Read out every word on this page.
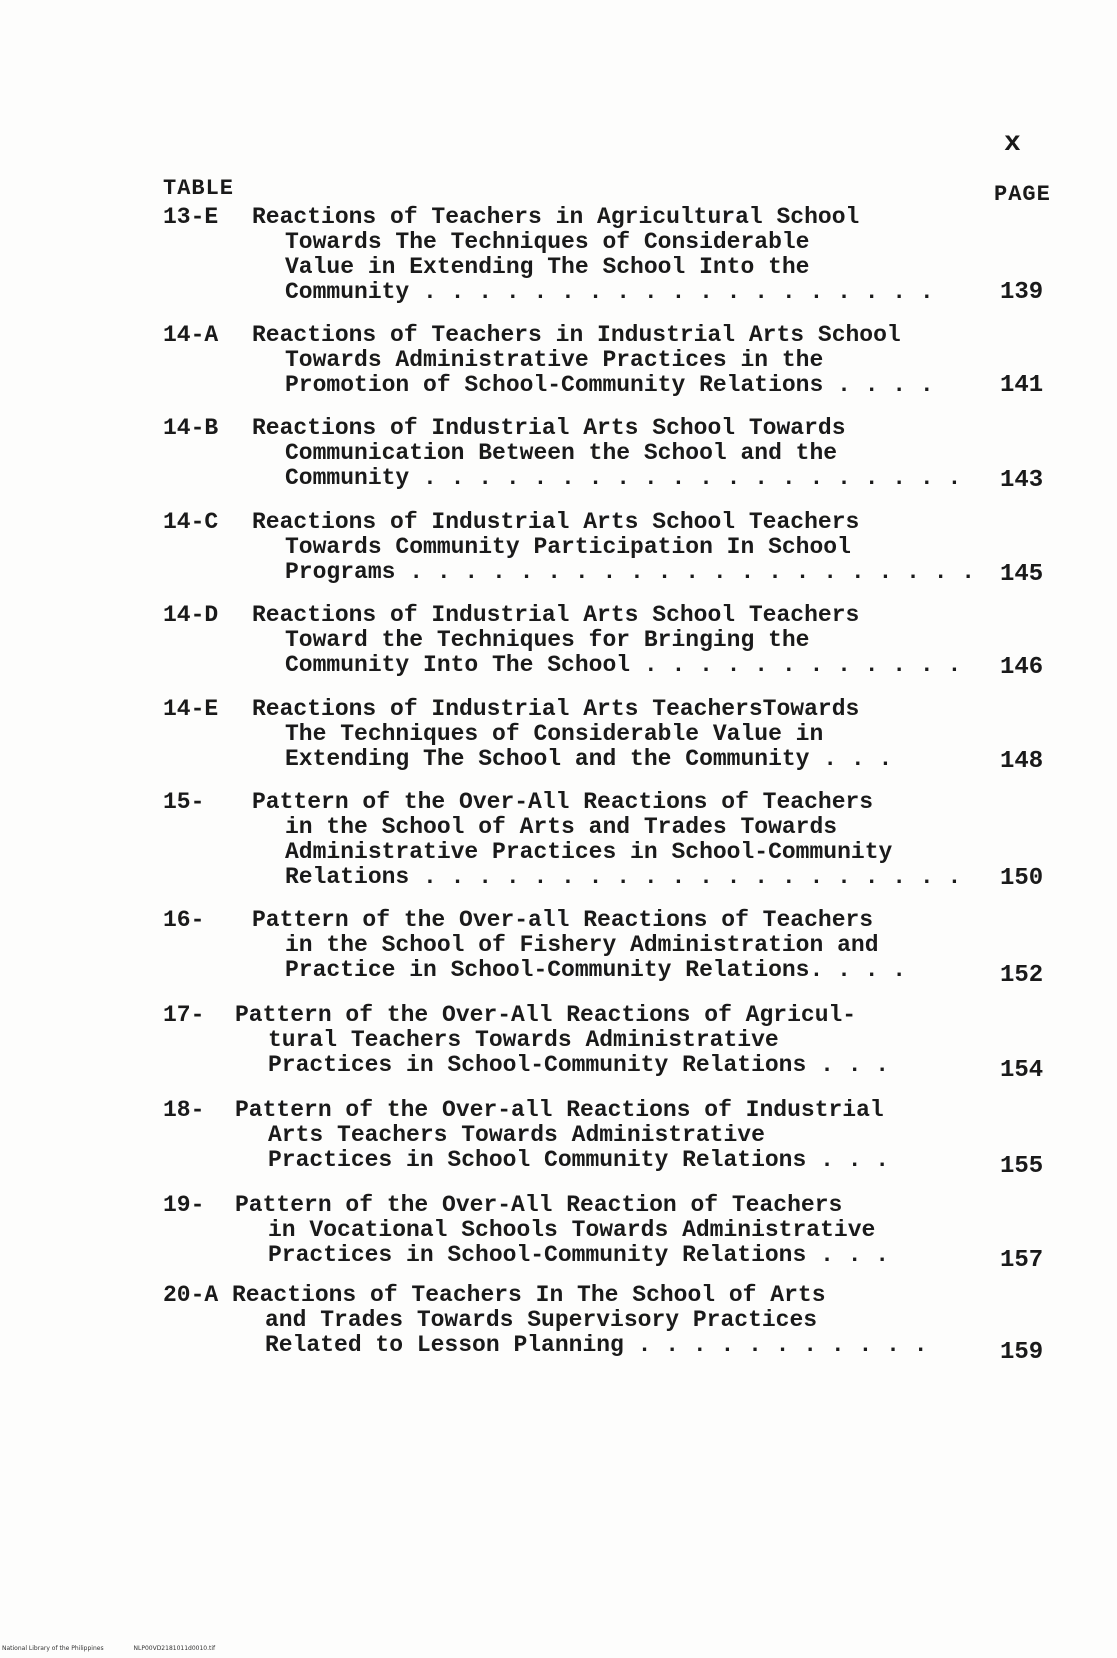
x
TABLE	PAGE
13-E Reactions of Teachers in Agricultural School
Towards The Techniques of Considerable
Value in Extending The School Into the
Community . . . . . . . . . . . . . . . . . . .	139
14-A Reactions of Teachers in Industrial Arts School
Towards Administrative Practices in the
Promotion of School-Community Relations . . . .	141
14-B Reactions of Industrial Arts School Towards
Communication Between the School and the
Community . . . . . . . . . . . . . . . . . . . .	143
14-C Reactions of Industrial Arts School Teachers
Towards Community Participation In School
Programs . . . . . . . . . . . . . . . . . . . . .	145
14-D Reactions of Industrial Arts School Teachers
Toward the Techniques for Bringing the
Community Into The School . . . . . . . . . . . .	146
14-E Reactions of Industrial Arts TeachersTowards
The Techniques of Considerable Value in
Extending The School and the Community . . .	148
15- Pattern of the Over-All Reactions of Teachers
in the School of Arts and Trades Towards
Administrative Practices in School-Community
Relations . . . . . . . . . . . . . . . . . . . .	150
16- Pattern of the Over-all Reactions of Teachers
in the School of Fishery Administration and
Practice in School-Community Relations. . . .	152
17- Pattern of the Over-All Reactions of Agricul-
tural Teachers Towards Administrative
Practices in School-Community Relations . . .	154
18- Pattern of the Over-all Reactions of Industrial
Arts Teachers Towards Administrative
Practices in School Community Relations . . .	155
19- Pattern of the Over-All Reaction of Teachers
in Vocational Schools Towards Administrative
Practices in School-Community Relations . . .	157
20-A Reactions of Teachers In The School of Arts
and Trades Towards Supervisory Practices
Related to Lesson Planning . . . . . . . . . . .	159
National Library of the Philippines	NLP00VD2181011d0010.tif
